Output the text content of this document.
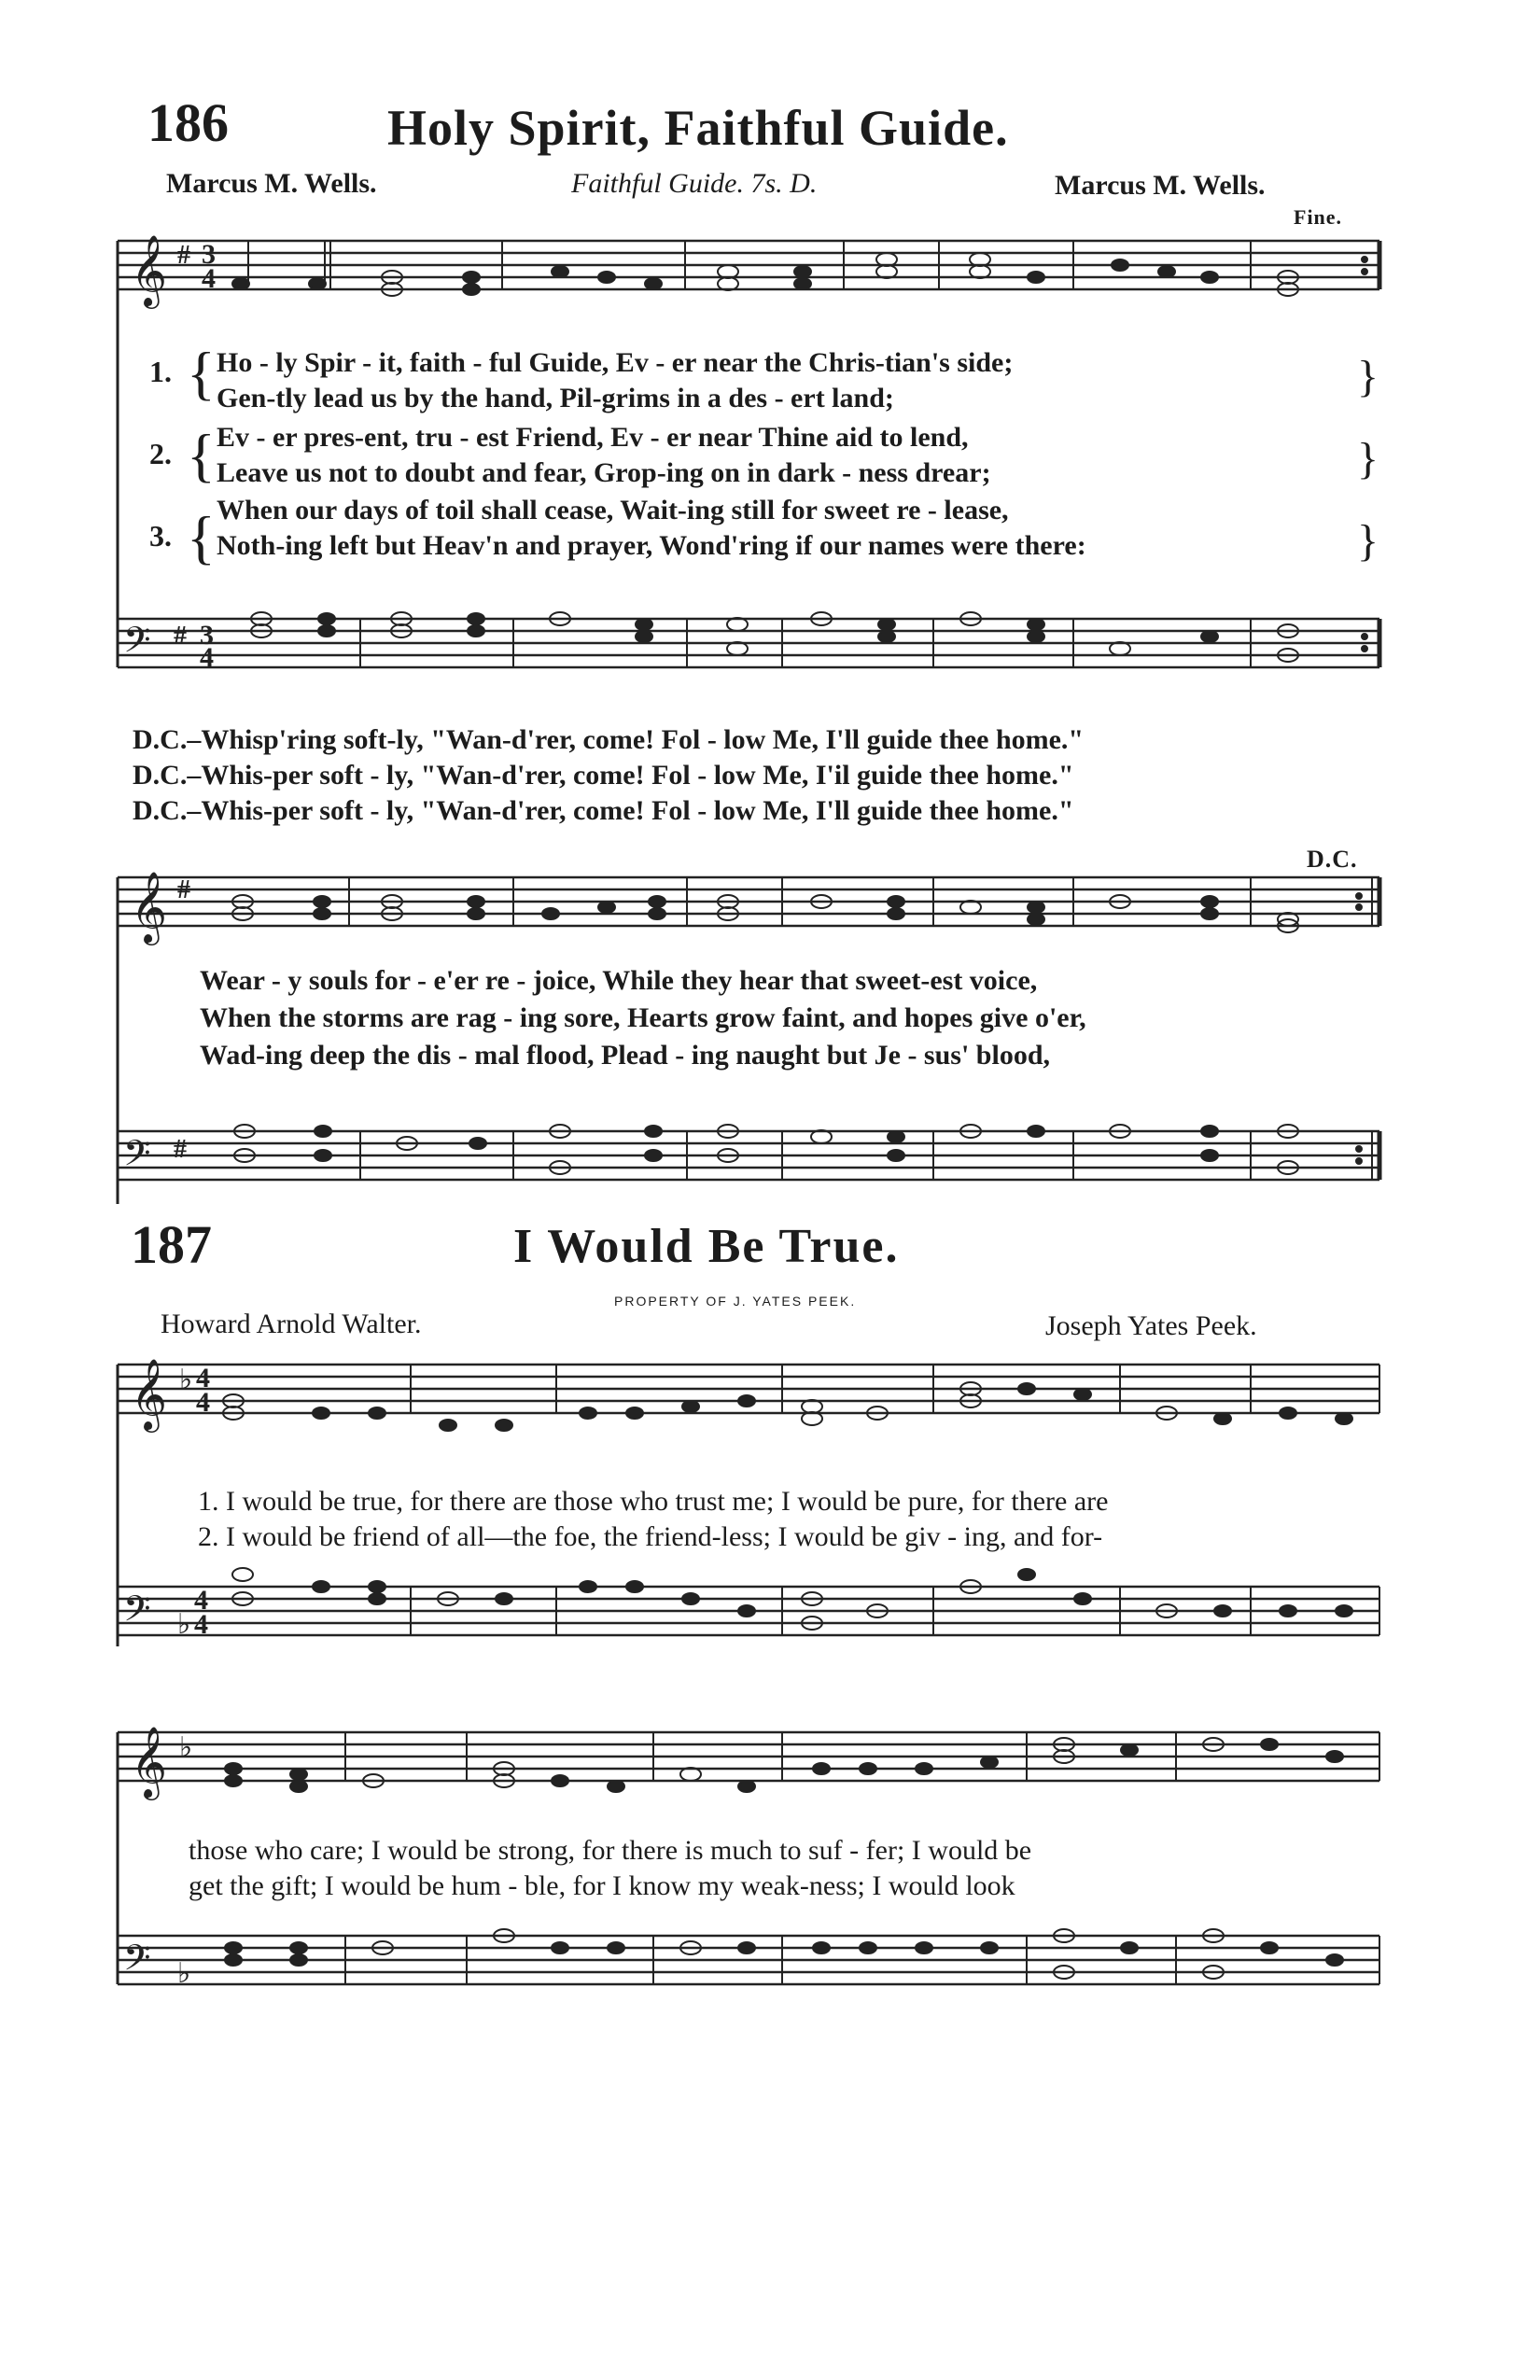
186	Holy Spirit, Faithful Guide.
Marcus M. Wells.	Faithful Guide. 7s. D.	Marcus M. Wells.
Fine.
𝄞 # 3
4
1.
2.
3.
{
{
{
}
}
}
Ho - ly Spir - it, faith - ful Guide, Ev - er near the Chris-tian's side;
Gen-tly lead us by the hand, Pil-grims in a des - ert land;
Ev - er pres-ent, tru - est Friend, Ev - er near Thine aid to lend,
Leave us not to doubt and fear, Grop-ing on in dark - ness drear;
When our days of toil shall cease, Wait-ing still for sweet re - lease,
Noth-ing left but Heav'n and prayer, Wond'ring if our names were there:
𝄢 # 3
4
D.C.–Whisp'ring soft-ly, "Wan-d'rer, come! Fol - low Me, I'll guide thee home."
D.C.–Whis-per soft - ly, "Wan-d'rer, come! Fol - low Me, I'il guide thee home."
D.C.–Whis-per soft - ly, "Wan-d'rer, come! Fol - low Me, I'll guide thee home."
D.C.
𝄞 #
Wear - y souls for - e'er re - joice, While they hear that sweet-est voice,
When the storms are rag - ing sore, Hearts grow faint, and hopes give o'er,
Wad-ing deep the dis - mal flood, Plead - ing naught but Je - sus' blood,
𝄢 #
187	I Would Be True.
PROPERTY OF J. YATES PEEK.
Howard Arnold Walter.	Joseph Yates Peek.
𝄞 ♭ 4
4
1. I would be true, for there are those who trust me; I would be pure, for there are
2. I would be friend of all—the foe, the friend-less; I would be giv - ing, and for-
𝄢 ♭
4
4
𝄞 ♭
those who care; I would be strong, for there is much to suf - fer; I would be
get the gift; I would be hum - ble, for I know my weak-ness; I would look
𝄢 ♭
